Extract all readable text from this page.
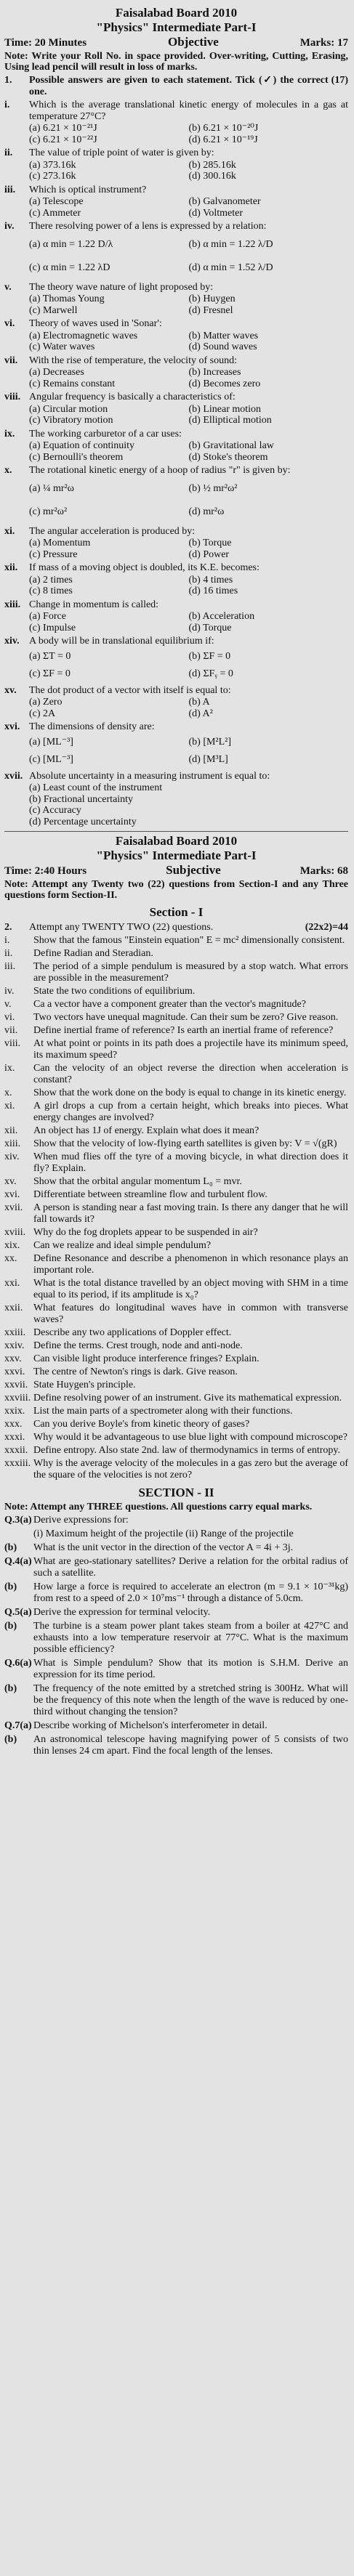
Faisalabad Board 2010
"Physics" Intermediate Part-I
Time: 20 Minutes	Objective	Marks: 17
Note: Write your Roll No. in space provided. Over-writing, Cutting, Erasing, Using lead pencil will result in loss of marks.
1.	Possible answers are given to each statement. Tick (✓) the correct one.
(17)
i.	Which is the average translational kinetic energy of molecules in a gas at temperature 27°C?
(a) 6.21 × 10⁻²¹J	(b) 6.21 × 10⁻²⁰J
(c) 6.21 × 10⁻²²J	(d) 6.21 × 10⁻¹⁹J
ii.	The value of triple point of water is given by:
(a) 373.16k	(b) 285.16k
(c) 273.16k	(d) 300.16k
iii.	Which is optical instrument?
(a) Telescope	(b) Galvanometer
(c) Ammeter	(d) Voltmeter
iv.	There resolving power of a lens is expressed by a relation:
(a) α min = 1.22 D/λ	(b) α min = 1.22 λ/D
(c) α min = 1.22 λD	(d) α min = 1.52 λ/D
v.	The theory wave nature of light proposed by:
(a) Thomas Young	(b) Huygen
(c) Marwell	(d) Fresnel
vi.	Theory of waves used in 'Sonar':
(a) Electromagnetic waves	(b) Matter waves
(c) Water waves	(d) Sound waves
vii.	With the rise of temperature, the velocity of sound:
(a) Decreases	(b) Increases
(c) Remains constant	(d) Becomes zero
viii. Angular frequency is basically a characteristics of:
(a) Circular motion	(b) Linear motion
(c) Vibratory motion	(d) Elliptical motion
ix.	The working carburetor of a car uses:
(a) Equation of continuity	(b) Gravitational law
(c) Bernoulli's theorem	(d) Stoke's theorem
x.	The rotational kinetic energy of a hoop of radius "r" is given by:
(a) ¼ mr²ω	(b) ½ mr²ω²
(c) mr²ω²	(d) mr²ω
xi.	The angular acceleration is produced by:
(a) Momentum	(b) Torque
(c) Pressure	(d) Power
xii.	If mass of a moving object is doubled, its K.E. becomes:
(a) 2 times	(b) 4 times
(c) 8 times	(d) 16 times
xiii. Change in momentum is called:
(a) Force	(b) Acceleration
(c) Impulse	(d) Torque
xiv. A body will be in translational equilibrium if:
(a) ΣT = 0	(b) ΣF = 0
(c) ΣF = 0	(d) ΣFᵧ = 0
xv.	The dot product of a vector with itself is equal to:
(a) Zero	(b) A
(c) 2A	(d) A²
xvi. The dimensions of density are:
(a) [ML⁻³]	(b) [M²L²]
(c) [ML⁻³]	(d) [M³L]
xvii. Absolute uncertainty in a measuring instrument is equal to:
(a) Least count of the instrument
(b) Fractional uncertainty
(c) Accuracy
(d) Percentage uncertainty
Faisalabad Board 2010
"Physics" Intermediate Part-I
Time: 2:40 Hours	Subjective	Marks: 68
Note: Attempt any Twenty two (22) questions from Section-I and any Three questions form Section-II.
Section - I
2.	Attempt any TWENTY TWO (22) questions.	(22x2)=44
i.	Show that the famous "Einstein equation" E = mc² dimensionally consistent.
ii.	Define Radian and Steradian.
iii.	The period of a simple pendulum is measured by a stop watch. What errors are possible in the measurement?
iv.	State the two conditions of equilibrium.
v.	Ca a vector have a component greater than the vector's magnitude?
vi.	Two vectors have unequal magnitude. Can their sum be zero? Give reason.
vii.	Define inertial frame of reference? Is earth an inertial frame of reference?
viii.	At what point or points in its path does a projectile have its minimum speed, its maximum speed?
ix.	Can the velocity of an object reverse the direction when acceleration is constant?
x.	Show that the work done on the body is equal to change in its kinetic energy.
xi.	A girl drops a cup from a certain height, which breaks into pieces. What energy changes are involved?
xii.	An object has 1J of energy. Explain what does it mean?
xiii.	Show that the velocity of low-flying earth satellites is given by: V = √(gR)
xiv.	When mud flies off the tyre of a moving bicycle, in what direction does it fly? Explain.
xv.	Show that the orbital angular momentum L₀ = mvr.
xvi.	Differentiate between streamline flow and turbulent flow.
xvii.	A person is standing near a fast moving train. Is there any danger that he will fall towards it?
xviii. Why do the fog droplets appear to be suspended in air?
xix.	Can we realize and ideal simple pendulum?
xx.	Define Resonance and describe a phenomenon in which resonance plays an important role.
xxi.	What is the total distance travelled by an object moving with SHM in a time equal to its period, if its amplitude is x₀?
xxii.	What features do longitudinal waves have in common with transverse waves?
xxiii. Describe any two applications of Doppler effect.
xxiv. Define the terms. Crest trough, node and anti-node.
xxv.	Can visible light produce interference fringes? Explain.
xxvi. The centre of Newton's rings is dark. Give reason.
xxvii. State Huygen's principle.
xxviii. Define resolving power of an instrument. Give its mathematical expression.
xxix. List the main parts of a spectrometer along with their functions.
xxx.	Can you derive Boyle's from kinetic theory of gases?
xxxi. Why would it be advantageous to use blue light with compound microscope?
xxxii. Define entropy. Also state 2nd. law of thermodynamics in terms of entropy.
xxxiii. Why is the average velocity of the molecules in a gas zero but the average of the square of the velocities is not zero?
SECTION - II
Note: Attempt any THREE questions. All questions carry equal marks.
Q.3(a) Derive expressions for:
(i) Maximum height of the projectile (ii) Range of the projectile
(b)	What is the unit vector in the direction of the vector A = 4i + 3j.
Q.4(a) What are geo-stationary satellites? Derive a relation for the orbital radius of such a satellite.
(b)	How large a force is required to accelerate an electron (m = 9.1 × 10⁻³¹kg) from rest to a speed of 2.0 × 10⁷ms⁻¹ through a distance of 5.0cm.
Q.5(a) Derive the expression for terminal velocity.
(b)	The turbine is a steam power plant takes steam from a boiler at 427°C and exhausts into a low temperature reservoir at 77°C. What is the maximum possible efficiency?
Q.6(a) What is Simple pendulum? Show that its motion is S.H.M. Derive an expression for its time period.
(b)	The frequency of the note emitted by a stretched string is 300Hz. What will be the frequency of this note when the length of the wave is reduced by one-third without changing the tension?
Q.7(a) Describe working of Michelson's interferometer in detail.
(b)	An astronomical telescope having magnifying power of 5 consists of two thin lenses 24 cm apart. Find the focal length of the lenses.
